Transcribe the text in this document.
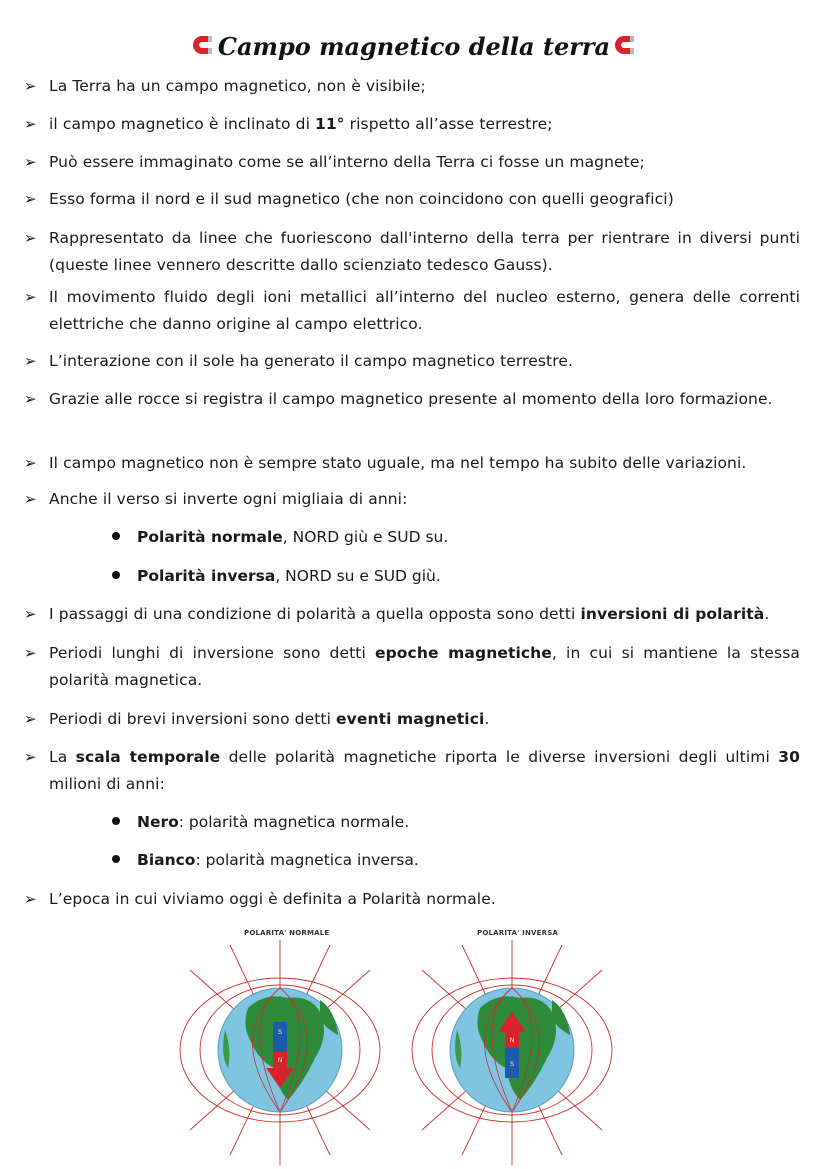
Campo magnetico della terra
➢ La Terra ha un campo magnetico, non è visibile;
➢ il campo magnetico è inclinato di 11° rispetto all’asse terrestre;
➢ Può essere immaginato come se all’interno della Terra ci fosse un magnete;
➢ Esso forma il nord e il sud magnetico (che non coincidono con quelli geografici)
➢ Rappresentato da linee che fuoriescono dall'interno della terra per rientrare in diversi punti (queste linee vennero descritte dallo scienziato tedesco Gauss).
➢ Il movimento fluido degli ioni metallici all’interno del nucleo esterno, genera delle correnti elettriche che danno origine al campo elettrico.
➢ L’interazione con il sole ha generato il campo magnetico terrestre.
➢ Grazie alle rocce si registra il campo magnetico presente al momento della loro formazione.
➢ Il campo magnetico non è sempre stato uguale, ma nel tempo ha subito delle variazioni.
➢ Anche il verso si inverte ogni migliaia di anni:
Polarità normale, NORD giù e SUD su.
Polarità inversa, NORD su e SUD giù.
➢ I passaggi di una condizione di polarità a quella opposta sono detti inversioni di polarità.
➢ Periodi lunghi di inversione sono detti epoche magnetiche, in cui si mantiene la stessa polarità magnetica.
➢ Periodi di brevi inversioni sono detti eventi magnetici.
➢ La scala temporale delle polarità magnetiche riporta le diverse inversioni degli ultimi 30 milioni di anni:
Nero: polarità magnetica normale.
Bianco: polarità magnetica inversa.
➢ L’epoca in cui viviamo oggi è definita a Polarità normale.
POLARITA' NORMALE	POLARITA' INVERSA
S
N
N
S
